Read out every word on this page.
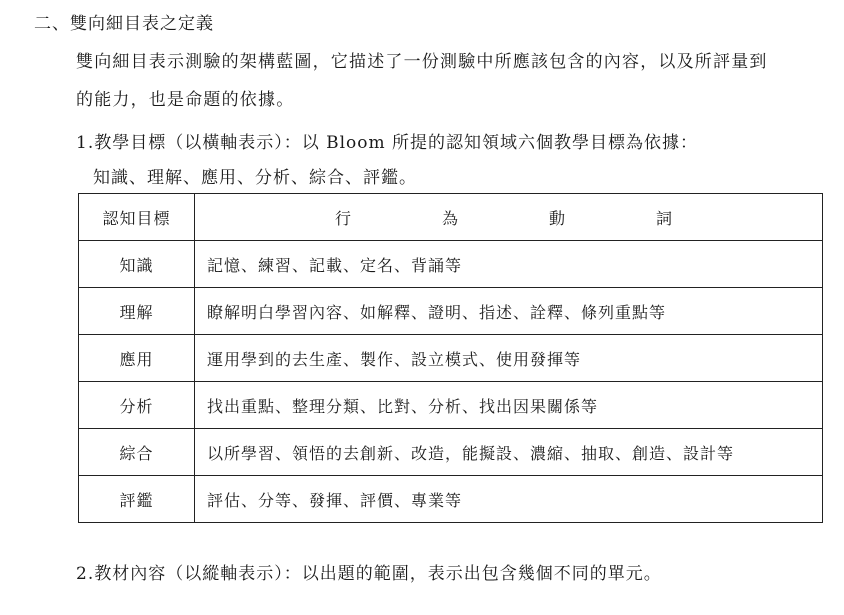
二、雙向細目表之定義
雙向細目表示測驗的架構藍圖，它描述了一份測驗中所應該包含的內容，以及所評量到
的能力，也是命題的依據。
1.教學目標（以橫軸表示）：以 Bloom 所提的認知領域六個教學目標為依據：
知識、理解、應用、分析、綜合、評鑑。
認知目標	行 為 動 詞

知識	記憶、練習、記載、定名、背誦等
理解	瞭解明白學習內容、如解釋、證明、指述、詮釋、條列重點等
應用	運用學到的去生產、製作、設立模式、使用發揮等
分析	找出重點、整理分類、比對、分析、找出因果關係等
綜合	以所學習、領悟的去創新、改造，能擬設、濃縮、抽取、創造、設計等
評鑑	評估、分等、發揮、評價、專業等
2.教材內容（以縱軸表示）：以出題的範圍，表示出包含幾個不同的單元。
